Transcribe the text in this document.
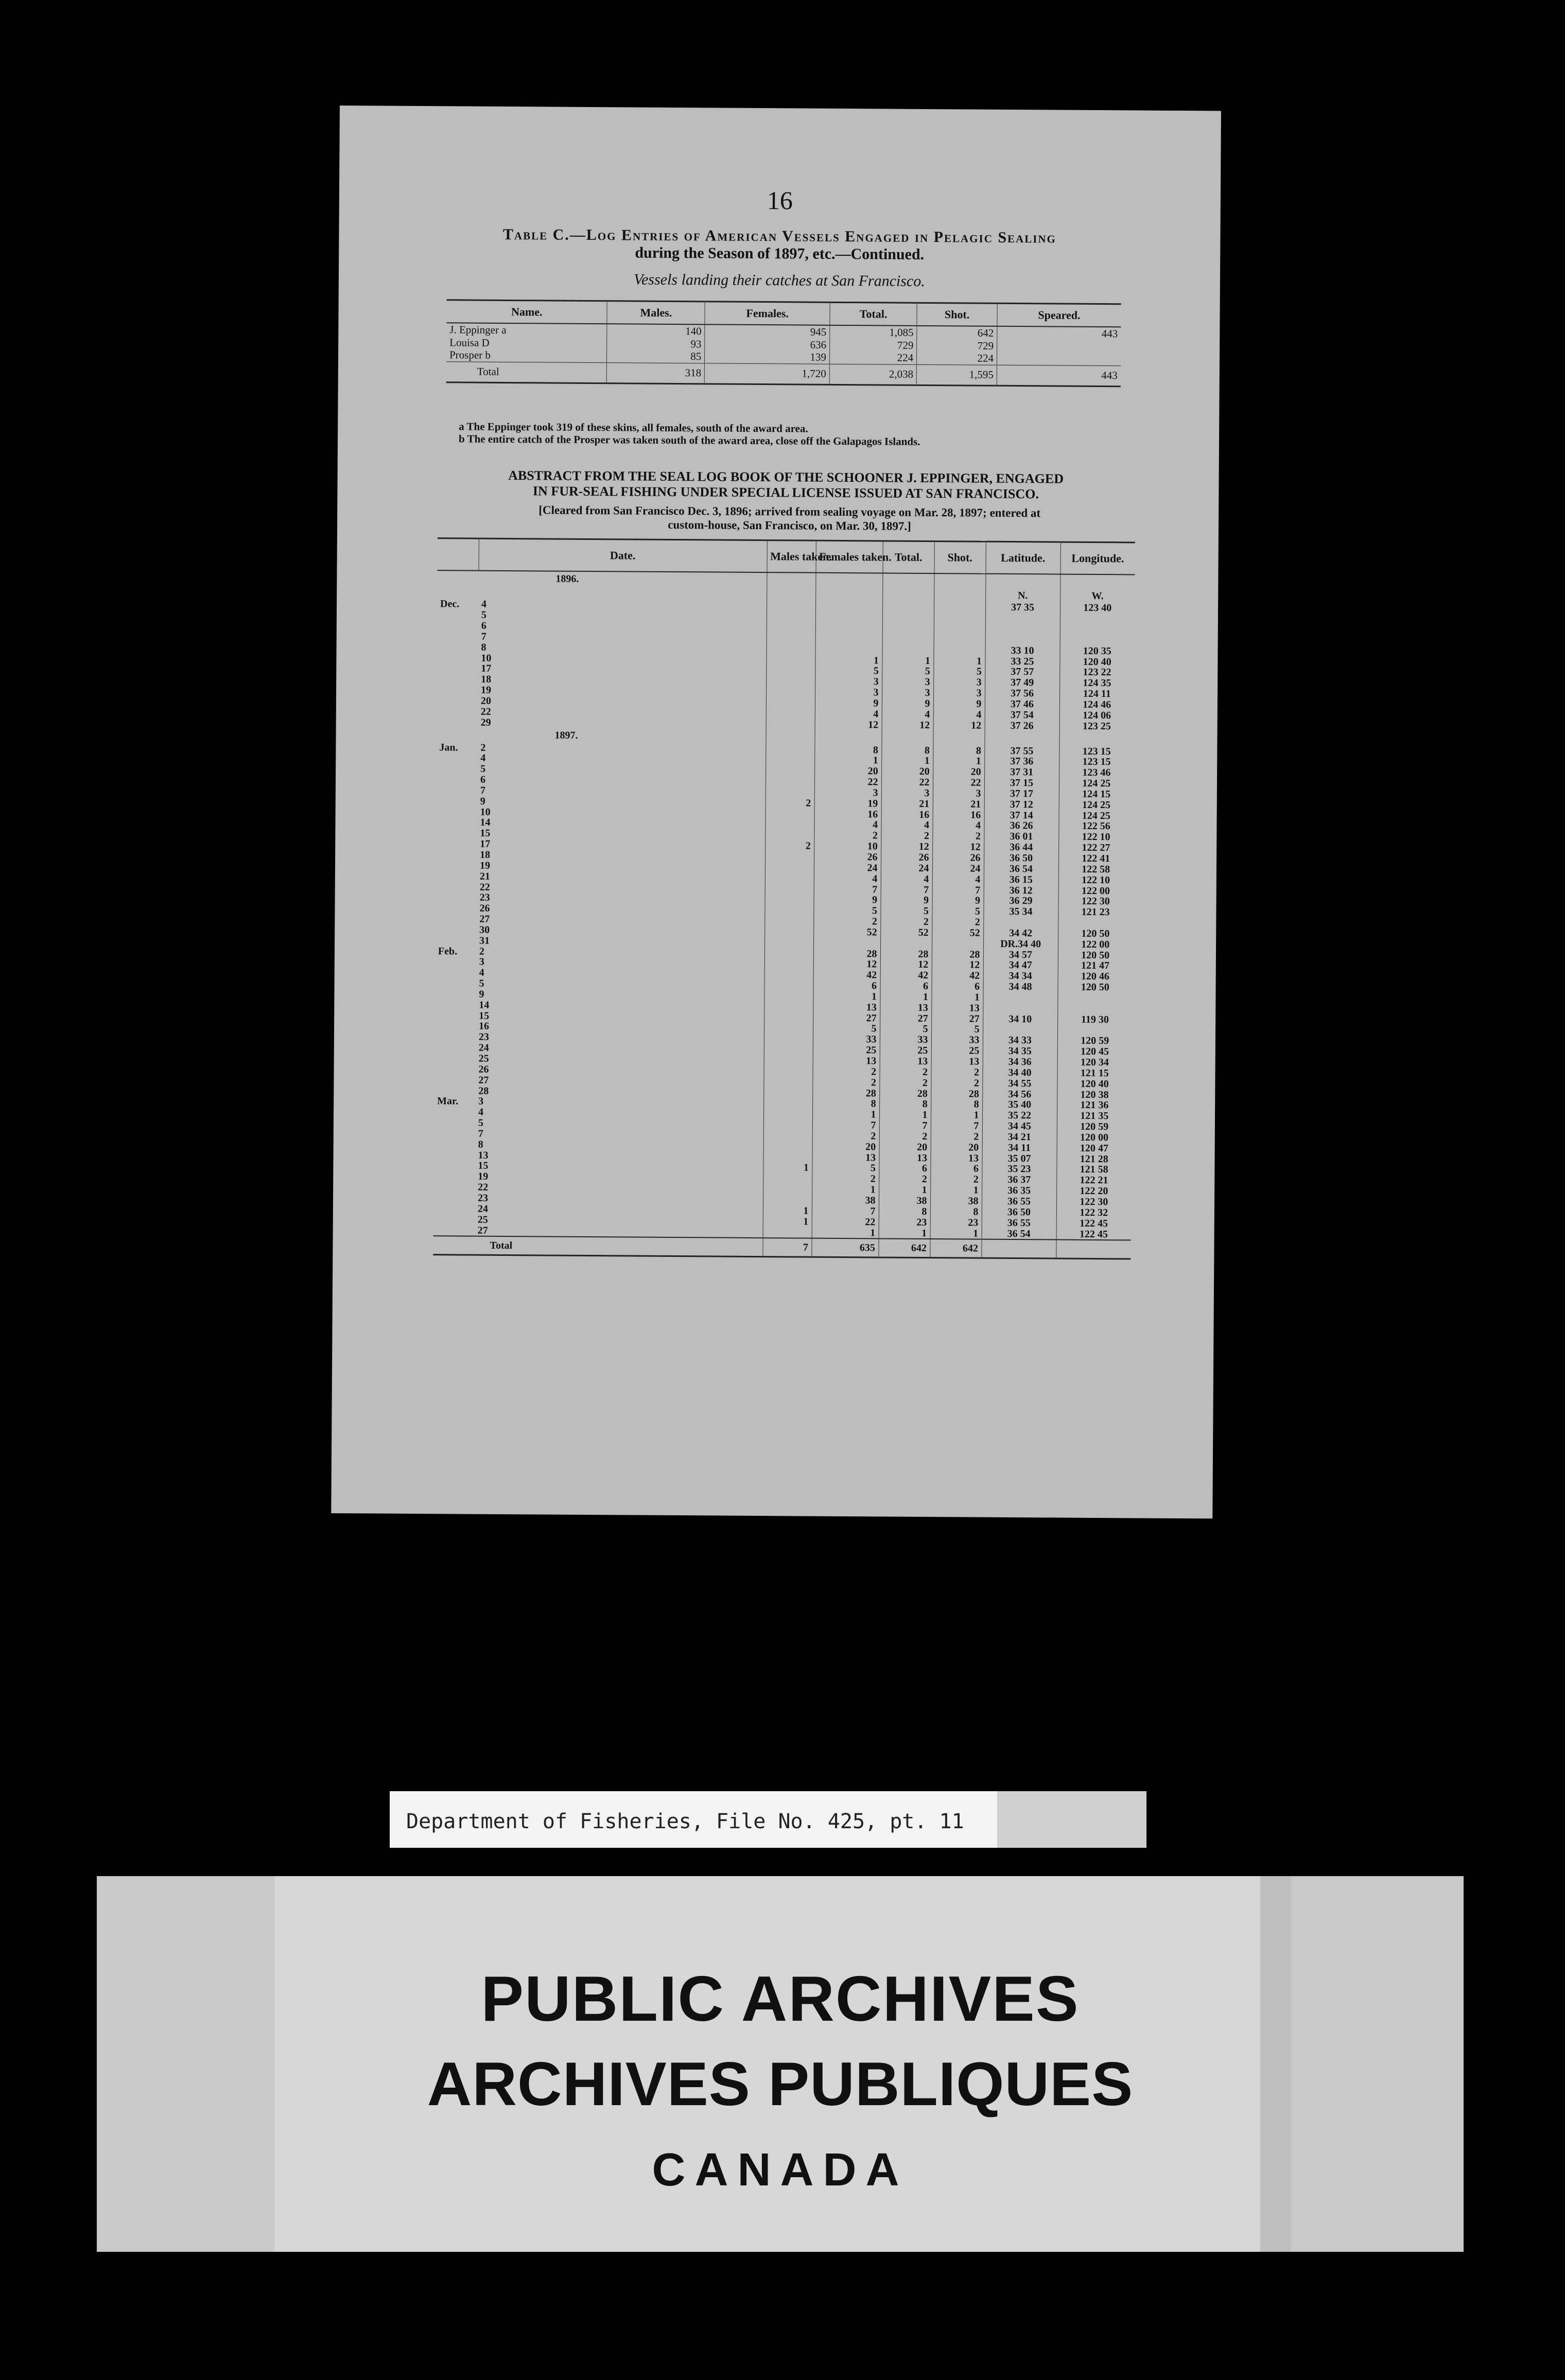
16
Table C.—Log Entries of American Vessels Engaged in Pelagic Sealing
during the Season of 1897, etc.—Continued.
Vessels landing their catches at San Francisco.
Name.	Males.	Females.	Total.	Shot.	Speared.
J. Eppinger a	140	945	1,085	642	443
Louisa D	93	636	729	729	
Prosper b	85	139	224	224	
Total	318	1,720	2,038	1,595	443
a The Eppinger took 319 of these skins, all females, south of the award area.
b The entire catch of the Prosper was taken south of the award area, close off the Galapagos Islands.
ABSTRACT FROM THE SEAL LOG BOOK OF THE SCHOONER J. EPPINGER, ENGAGED
IN FUR-SEAL FISHING UNDER SPECIAL LICENSE ISSUED AT SAN FRANCISCO.
[Cleared from San Francisco Dec. 3, 1896; arrived from sealing voyage on Mar. 28, 1897; entered at
custom-house, San Francisco, on Mar. 30, 1897.]
	Date.	Males taken.	Females taken.	Total.	Shot.	Latitude.	Longitude.
	1896.						
						N.	W.
Dec.	4					37 35	123 40
	5						
	6						
	7						
	8					33 10	120 35
	10		1	1	1	33 25	120 40
	17		5	5	5	37 57	123 22
	18		3	3	3	37 49	124 35
	19		3	3	3	37 56	124 11
	20		9	9	9	37 46	124 46
	22		4	4	4	37 54	124 06
	29		12	12	12	37 26	123 25
	1897.						
Jan.	2		8	8	8	37 55	123 15
	4		1	1	1	37 36	123 15
	5		20	20	20	37 31	123 46
	6		22	22	22	37 15	124 25
	7		3	3	3	37 17	124 15
	9	2	19	21	21	37 12	124 25
	10		16	16	16	37 14	124 25
	14		4	4	4	36 26	122 56
	15		2	2	2	36 01	122 10
	17	2	10	12	12	36 44	122 27
	18		26	26	26	36 50	122 41
	19		24	24	24	36 54	122 58
	21		4	4	4	36 15	122 10
	22		7	7	7	36 12	122 00
	23		9	9	9	36 29	122 30
	26		5	5	5	35 34	121 23
	27		2	2	2		
	30		52	52	52	34 42	120 50
	31					DR.34 40	122 00
Feb.	2		28	28	28	34 57	120 50
	3		12	12	12	34 47	121 47
	4		42	42	42	34 34	120 46
	5		6	6	6	34 48	120 50
	9		1	1	1		
	14		13	13	13		
	15		27	27	27	34 10	119 30
	16		5	5	5		
	23		33	33	33	34 33	120 59
	24		25	25	25	34 35	120 45
	25		13	13	13	34 36	120 34
	26		2	2	2	34 40	121 15
	27		2	2	2	34 55	120 40
	28		28	28	28	34 56	120 38
Mar.	3		8	8	8	35 40	121 36
	4		1	1	1	35 22	121 35
	5		7	7	7	34 45	120 59
	7		2	2	2	34 21	120 00
	8		20	20	20	34 11	120 47
	13		13	13	13	35 07	121 28
	15	1	5	6	6	35 23	121 58
	19		2	2	2	36 37	122 21
	22		1	1	1	36 35	122 20
	23		38	38	38	36 55	122 30
	24	1	7	8	8	36 50	122 32
	25	1	22	23	23	36 55	122 45
	27		1	1	1	36 54	122 45
	Total	7	635	642	642		
Department of Fisheries, File No. 425, pt. 11
PUBLIC ARCHIVES
ARCHIVES PUBLIQUES
CANADA
